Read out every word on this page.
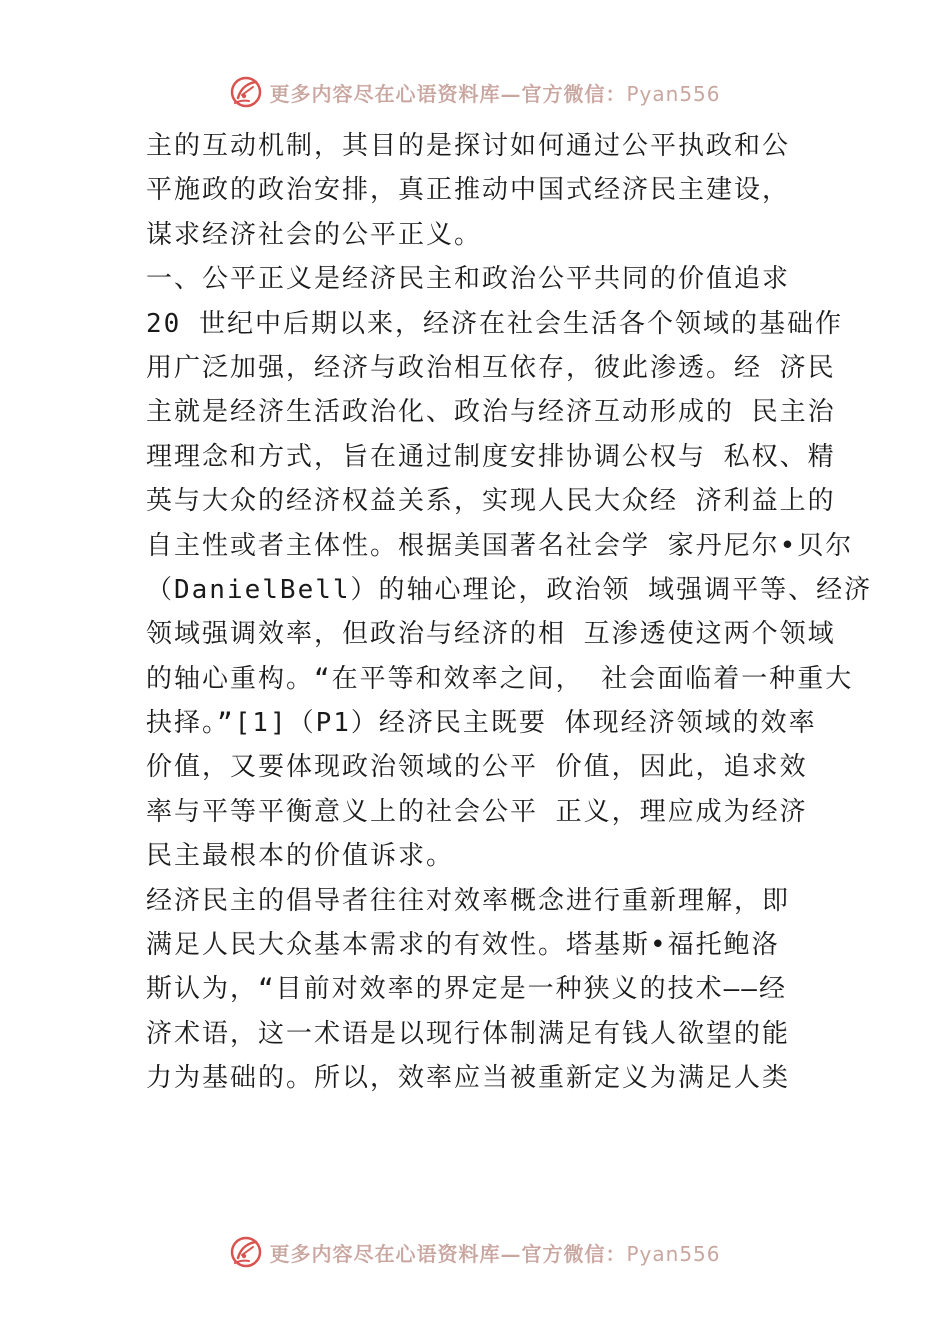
更多内容尽在心语资料库—官方微信：Pyan556
主的互动机制，其目的是探讨如何通过公平执政和公
平施政的政治安排，真正推动中国式经济民主建设，
谋求经济社会的公平正义。
一、公平正义是经济民主和政治公平共同的价值追求
20 世纪中后期以来，经济在社会生活各个领域的基础作
用广泛加强，经济与政治相互依存，彼此渗透。经 济民
主就是经济生活政治化、政治与经济互动形成的 民主治
理理念和方式，旨在通过制度安排协调公权与 私权、精
英与大众的经济权益关系，实现人民大众经 济利益上的
自主性或者主体性。根据美国著名社会学 家丹尼尔•贝尔
（DanielBell）的轴心理论，政治领 域强调平等、经济
领域强调效率，但政治与经济的相 互渗透使这两个领域
的轴心重构。“在平等和效率之间， 社会面临着一种重大
抉择。”[1]（P1）经济民主既要 体现经济领域的效率
价值，又要体现政治领域的公平 价值，因此，追求效
率与平等平衡意义上的社会公平 正义，理应成为经济
民主最根本的价值诉求。
经济民主的倡导者往往对效率概念进行重新理解，即
满足人民大众基本需求的有效性。塔基斯•福托鲍洛
斯认为，“目前对效率的界定是一种狭义的技术——经
济术语，这一术语是以现行体制满足有钱人欲望的能
力为基础的。所以，效率应当被重新定义为满足人类
更多内容尽在心语资料库—官方微信：Pyan556
